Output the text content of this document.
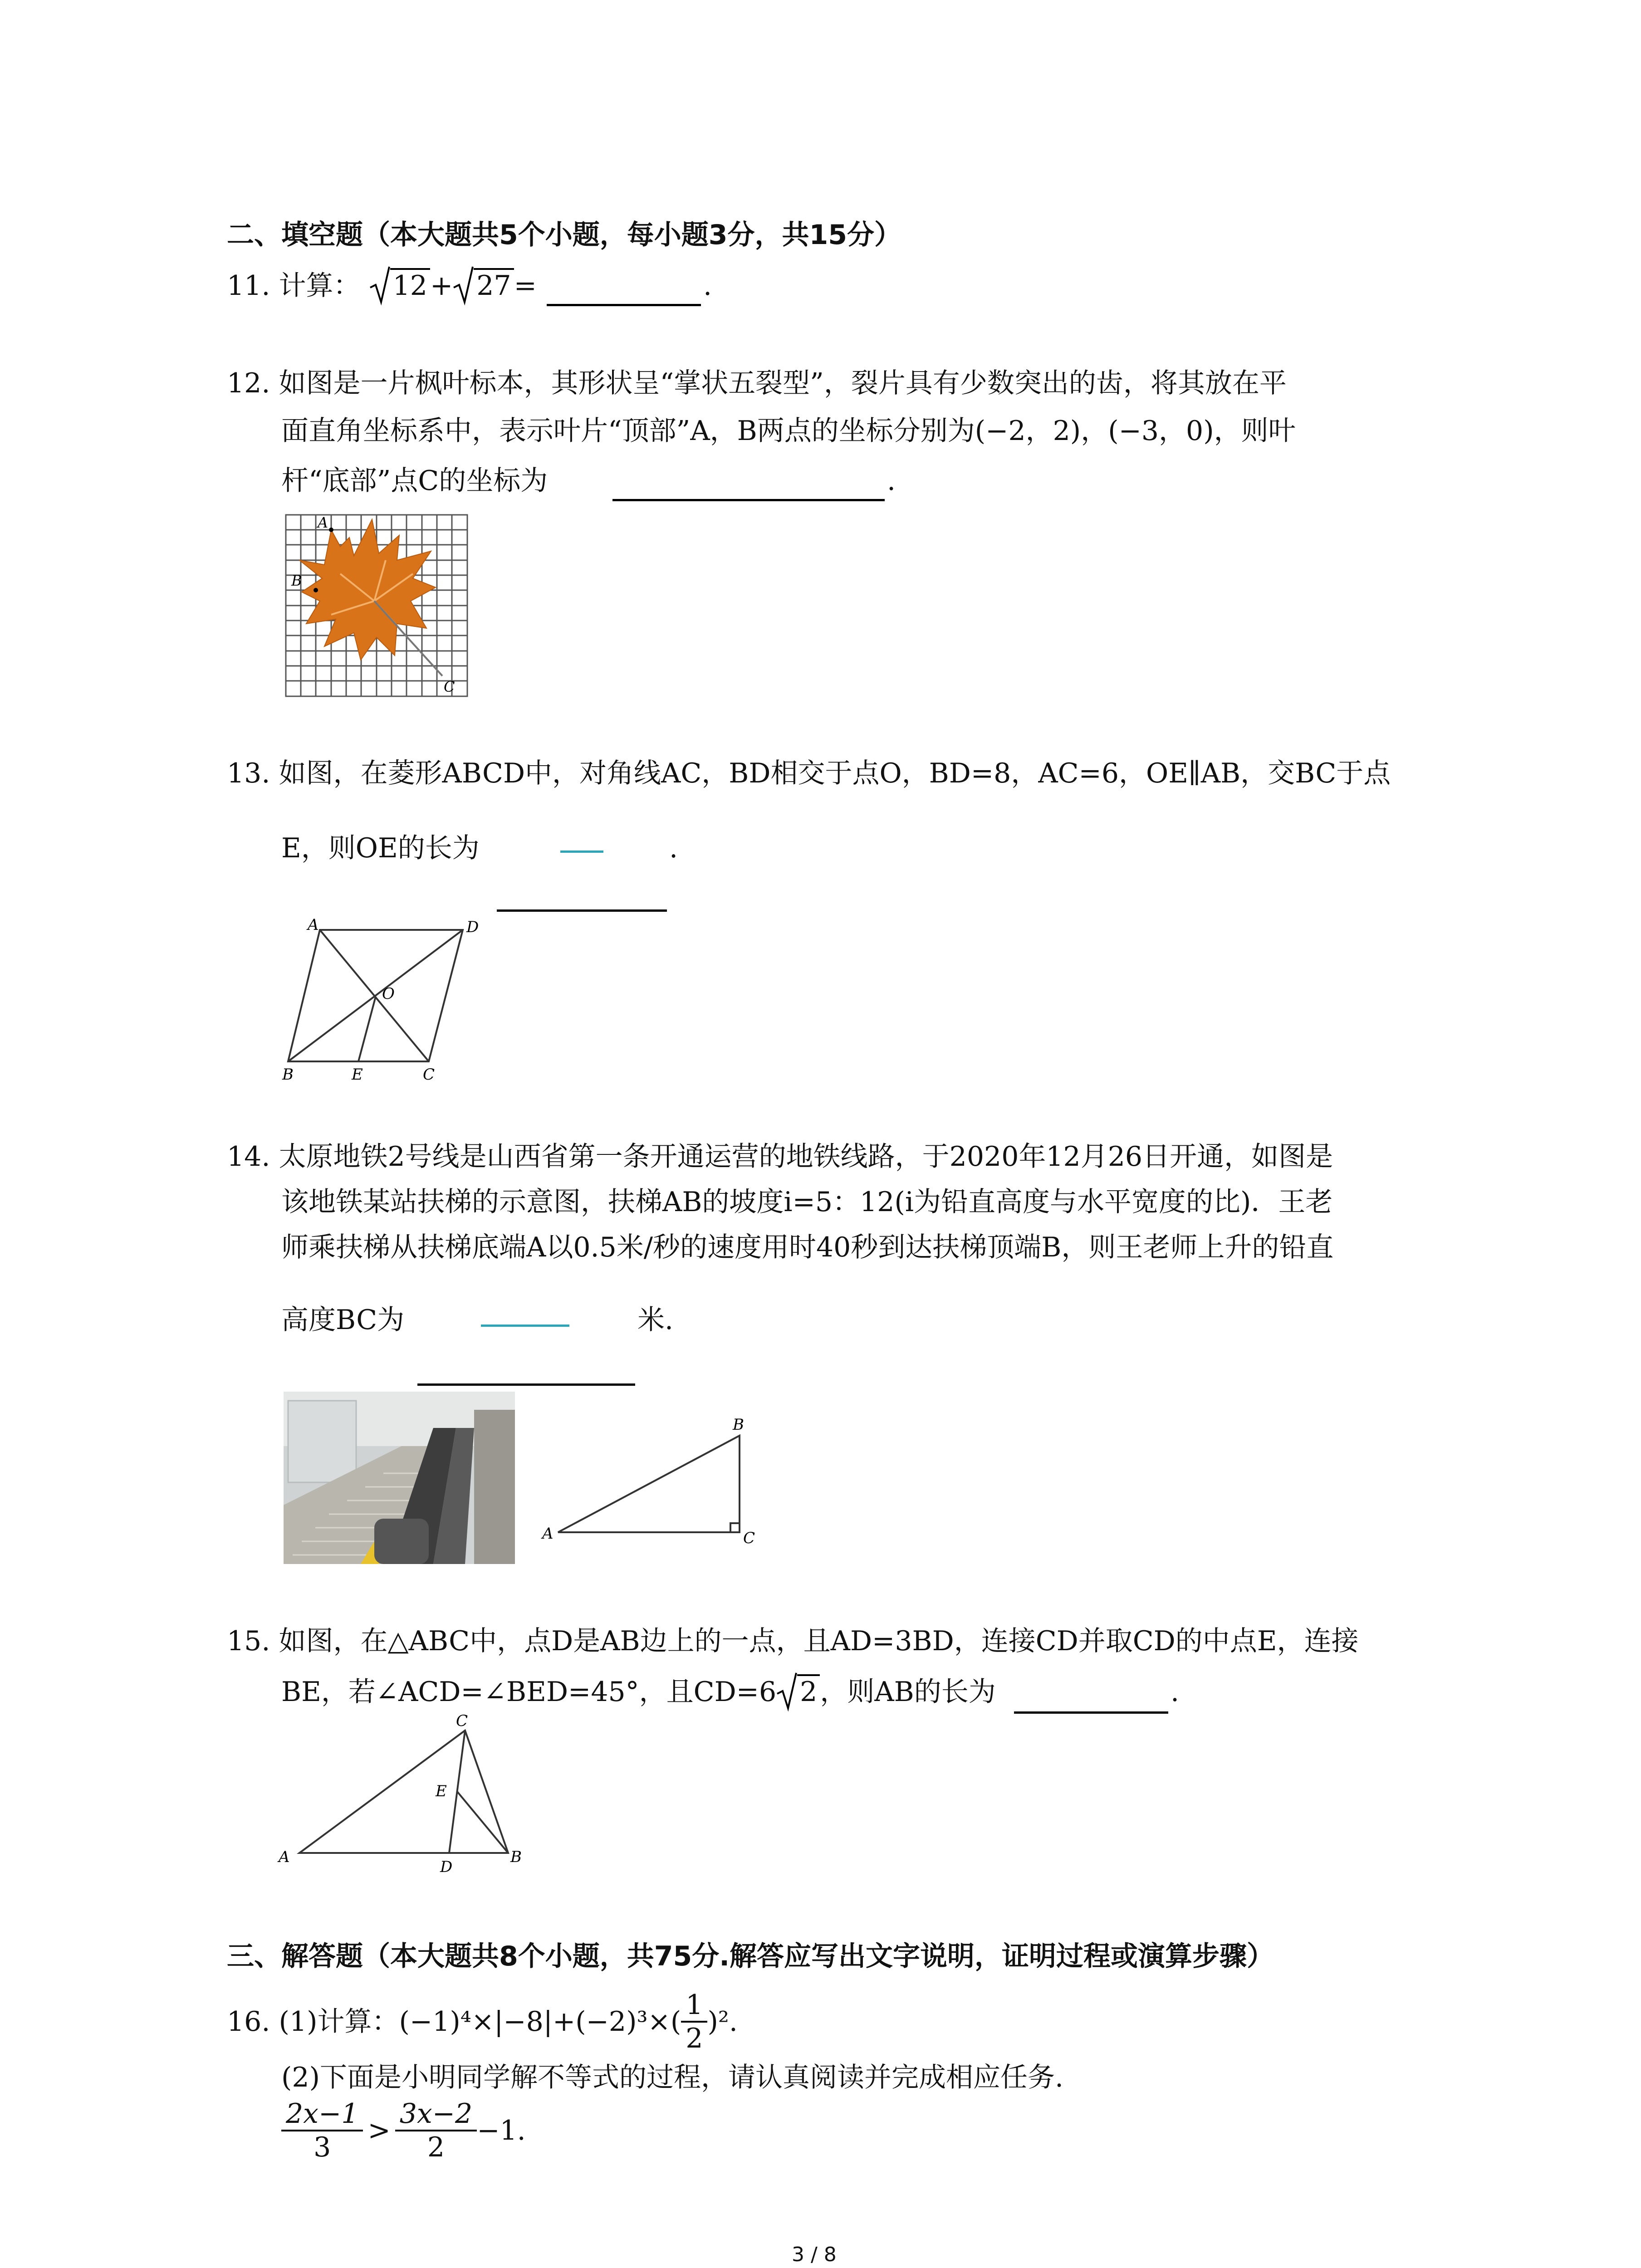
二、填空题（本大题共5个小题，每小题3分，共15分）
11. 计算： 12 + 27 =	.
12. 如图是一片枫叶标本，其形状呈“掌状五裂型”，裂片具有少数突出的齿，将其放在平
面直角坐标系中，表示叶片“顶部”A，B两点的坐标分别为(−2，2)，(−3，0)，则叶
杆“底部”点C的坐标为	.
A
B
C
13. 如图，在菱形ABCD中，对角线AC，BD相交于点O，BD=8，AC=6，OE∥AB，交BC于点
E，则OE的长为	.
A	D
O
B	E	C
14. 太原地铁2号线是山西省第一条开通运营的地铁线路，于2020年12月26日开通，如图是
该地铁某站扶梯的示意图，扶梯AB的坡度i=5：12(i为铅直高度与水平宽度的比)．王老
师乘扶梯从扶梯底端A以0.5米/秒的速度用时40秒到达扶梯顶端B，则王老师上升的铅直
高度BC为	米.
A
B
C
15. 如图，在△ABC中，点D是AB边上的一点，且AD=3BD，连接CD并取CD的中点E，连接
BE，若∠ACD=∠BED=45°，且CD=6 2 ，则AB的长为	.
A
C
E
D
B
三、解答题（本大题共8个小题，共75分.解答应写出文字说明，证明过程或演算步骤）
16.
(1)计算： $(-1)^4\times|-8|+(-2)^3\times( \frac{1}{2} )^2$.
(2)下面是小明同学解不等式的过程，请认真阅读并完成相应任务.
$\frac{2x-1}{3} > \frac{3x-2}{2} -1$.
3 / 8
